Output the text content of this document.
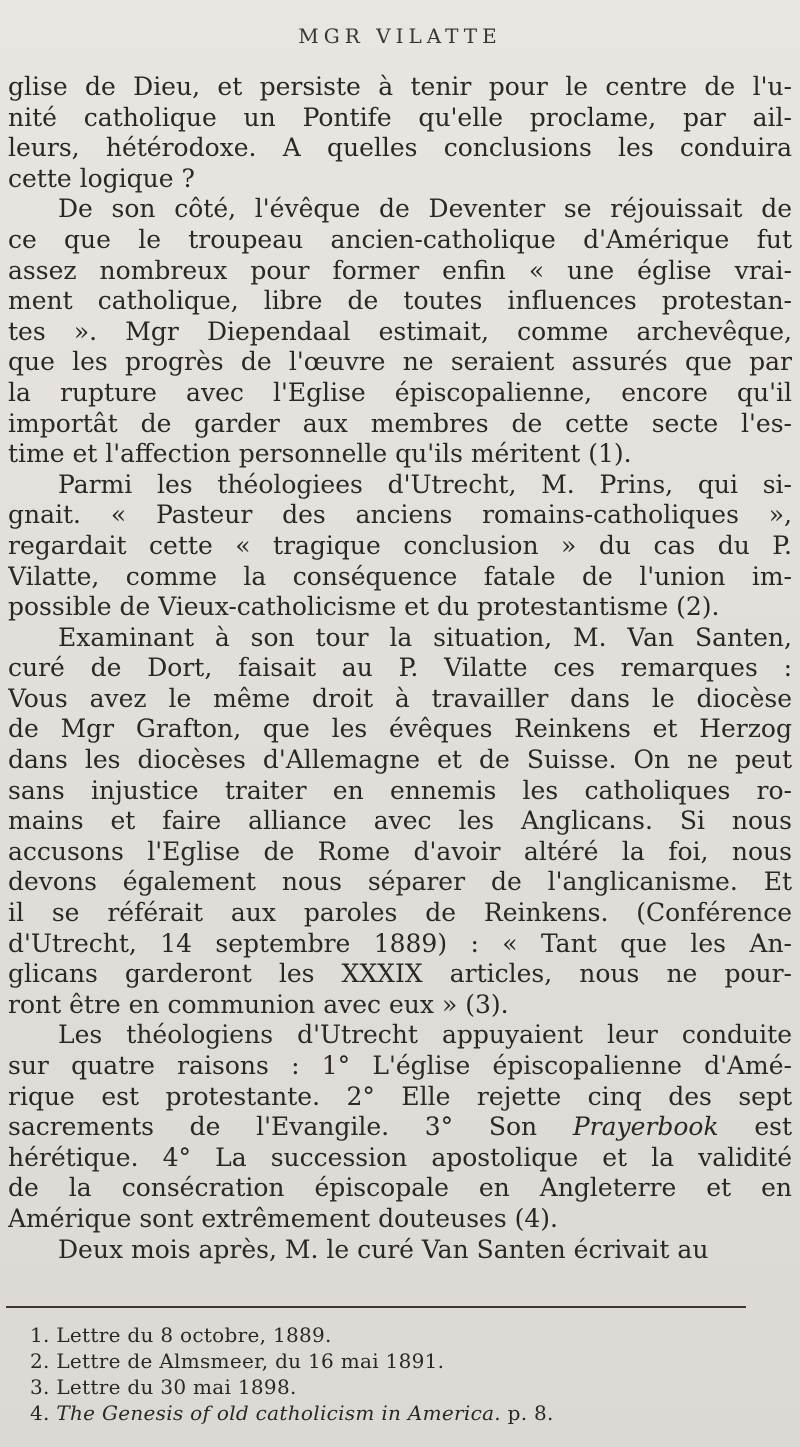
MGR VILATTE
glise de Dieu, et persiste à tenir pour le centre de l'u-
nité catholique un Pontife qu'elle proclame, par ail-
leurs, hétérodoxe. A quelles conclusions les conduira
cette logique ?
De son côté, l'évêque de Deventer se réjouissait de
ce que le troupeau ancien-catholique d'Amérique fut
assez nombreux pour former enfin « une église vrai-
ment catholique, libre de toutes influences protestan-
tes ». Mgr Diependaal estimait, comme archevêque,
que les progrès de l'œuvre ne seraient assurés que par
la rupture avec l'Eglise épiscopalienne, encore qu'il
importât de garder aux membres de cette secte l'es-
time et l'affection personnelle qu'ils méritent (1).
Parmi les théologiees d'Utrecht, M. Prins, qui si-
gnait. « Pasteur des anciens romains-catholiques »,
regardait cette « tragique conclusion » du cas du P.
Vilatte, comme la conséquence fatale de l'union im-
possible de Vieux-catholicisme et du protestantisme (2).
Examinant à son tour la situation, M. Van Santen,
curé de Dort, faisait au P. Vilatte ces remarques :
Vous avez le même droit à travailler dans le diocèse
de Mgr Grafton, que les évêques Reinkens et Herzog
dans les diocèses d'Allemagne et de Suisse. On ne peut
sans injustice traiter en ennemis les catholiques ro-
mains et faire alliance avec les Anglicans. Si nous
accusons l'Eglise de Rome d'avoir altéré la foi, nous
devons également nous séparer de l'anglicanisme. Et
il se référait aux paroles de Reinkens. (Conférence
d'Utrecht, 14 septembre 1889) : « Tant que les An-
glicans garderont les XXXIX articles, nous ne pour-
ront être en communion avec eux » (3).
Les théologiens d'Utrecht appuyaient leur conduite
sur quatre raisons : 1° L'église épiscopalienne d'Amé-
rique est protestante. 2° Elle rejette cinq des sept
sacrements de l'Evangile. 3° Son Prayerbook est
hérétique. 4° La succession apostolique et la validité
de la consécration épiscopale en Angleterre et en
Amérique sont extrêmement douteuses (4).
Deux mois après, M. le curé Van Santen écrivait au
1. Lettre du 8 octobre, 1889.
2. Lettre de Almsmeer, du 16 mai 1891.
3. Lettre du 30 mai 1898.
4. The Genesis of old catholicism in America. p. 8.
